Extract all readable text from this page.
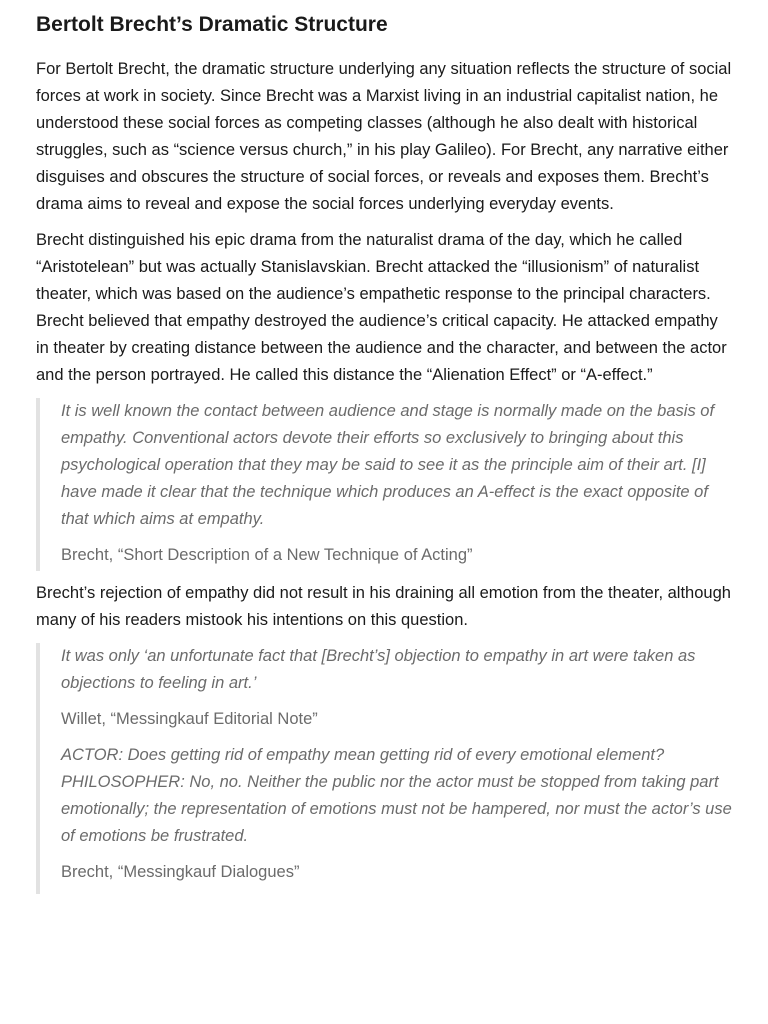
Bertolt Brecht’s Dramatic Structure

For Bertolt Brecht, the dramatic structure underlying any situation reflects the structure of social forces at work in society. Since Brecht was a Marxist living in an industrial capitalist nation, he understood these social forces as competing classes (although he also dealt with historical struggles, such as “science versus church,” in his play Galileo). For Brecht, any narrative either disguises and obscures the structure of social forces, or reveals and exposes them. Brecht’s drama aims to reveal and expose the social forces underlying everyday events.

Brecht distinguished his epic drama from the naturalist drama of the day, which he called “Aristotelean” but was actually Stanislavskian. Brecht attacked the “illusionism” of naturalist theater, which was based on the audience’s empathetic response to the principal characters. Brecht believed that empathy destroyed the audience’s critical capacity. He attacked empathy in theater by creating distance between the audience and the character, and between the actor and the person portrayed. He called this distance the “Alienation Effect” or “A-effect.”

It is well known the contact between audience and stage is normally made on the basis of empathy. Conventional actors devote their efforts so exclusively to bringing about this psychological operation that they may be said to see it as the principle aim of their art. [I] have made it clear that the technique which produces an A-effect is the exact opposite of that which aims at empathy.

Brecht, “Short Description of a New Technique of Acting”

Brecht’s rejection of empathy did not result in his draining all emotion from the theater, although many of his readers mistook his intentions on this question.

It was only ‘an unfortunate fact that [Brecht’s] objection to empathy in art were taken as objections to feeling in art.’

Willet, “Messingkauf Editorial Note”

ACTOR: Does getting rid of empathy mean getting rid of every emotional element?
PHILOSOPHER: No, no. Neither the public nor the actor must be stopped from taking part emotionally; the representation of emotions must not be hampered, nor must the actor’s use of emotions be frustrated.

Brecht, “Messingkauf Dialogues”
